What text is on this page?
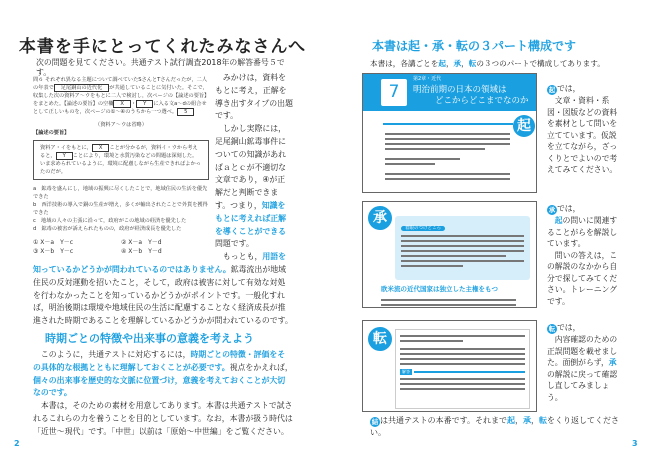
本書を手にとってくれたみなさんへ
次の問題を見てください。共通テスト試行調査2018年の解答番号５です。
問６ それぞれ異なる主題について調べていたSさんとTさんだったが，二人の年表で 足尾銅山の近代化 が共通していることに気付いた。そこで，収集した次の資料ア～ウをもとに二人で検討し，次ページの【論述の要旨】をまとめた。【論述の要旨】の空欄 X ・ Y に入る文a～dの組合せとして正しいものを，次ページの①～④のうちから一つ選べ。 5
（資料ア～ウは省略）
【論述の要旨】
資料ア・イをもとに， X ことが分かるが，資料イ・ウから考えると， Y ことにより，環境と水質汚染などの問題は深刻した。いま求められているように，環境に配慮しながら生産できればよかったのだが。
a　鉱毒を盛んにし，地域の振興に尽くしたことで，地域住民の生活を優先できた
b　西洋技術の導入で銅の生産が増え，多くが輸出されたことで外貨を獲得できた
c　地域の人々の主張に沿って，政府がこの地域の経済を優先した
d　鉱毒の被害が訴えられたものの，政府が経済成長を優先した
① X－a　Y－c	② X－a　Y－d
③ X－b　Y－c	④ X－b　Y－d
みかけは，資料をもとに考え，正解を導き出すタイプの出題です。
しかし実際には，足尾銅山鉱毒事件についての知識があればａとｃが不適切な文章であり，④が正解だと判断できます。つまり，知識をもとに考えれば正解を導くことができる問題です。
もっとも，用語を知っているかどうかが問われているのではありません。鉱毒流出が地域住民の反対運動を招いたこと，そして，政府は被害に対して有効な対処を行わなかったことを知っているかどうかがポイントです。一般化すれば，明治後期は環境や地域住民の生活に配慮することなく経済成長が推進された時期であることを理解しているかどうかが問われているのです。
時期ごとの特徴や出来事の意義を考えよう
このように，共通テストに対応するには，時期ごとの特徴・評価をその具体的な根拠とともに理解しておくことが必要です。視点をかえれば，個々の出来事を歴史的な文脈に位置づけ，意義を考えておくことが大切なのです。
本書は，そのための素材を用意してあります。本書は共通テストで試されるこれらの力を養うことを目的としています。なお，本書が扱う時代は「近世～現代」です。「中世」以前は「原始～中世編」をご覧ください。
2
本書は起・承・転の３パート構成です
本書は，各講ごとを起，承，転の３つのパートで構成してあります。
7
第2章・近代
明治前期の日本の領域は
どこからどこまでなのか
起
承
着眼のつけどころ
欧米流の近代国家は独立した主権をもつ
転
解答
起 では，
文章・資料・系図・図版などの資料を素材として問いを立てています。仮説を立てながら，ざっくりとでよいので考えてみてください。
承 では，
起の問いに関連することがらを解説しています。
問いの答えは，この解説のなかから自分で探してみてください。トレーニングです。
転 では，
内容確認のための正誤問題を載せました。面倒がらず，承の解説に戻って確認し直してみましょう。
結 は共通テストの本番です。それまで起，承，転をくり返してください。
3
